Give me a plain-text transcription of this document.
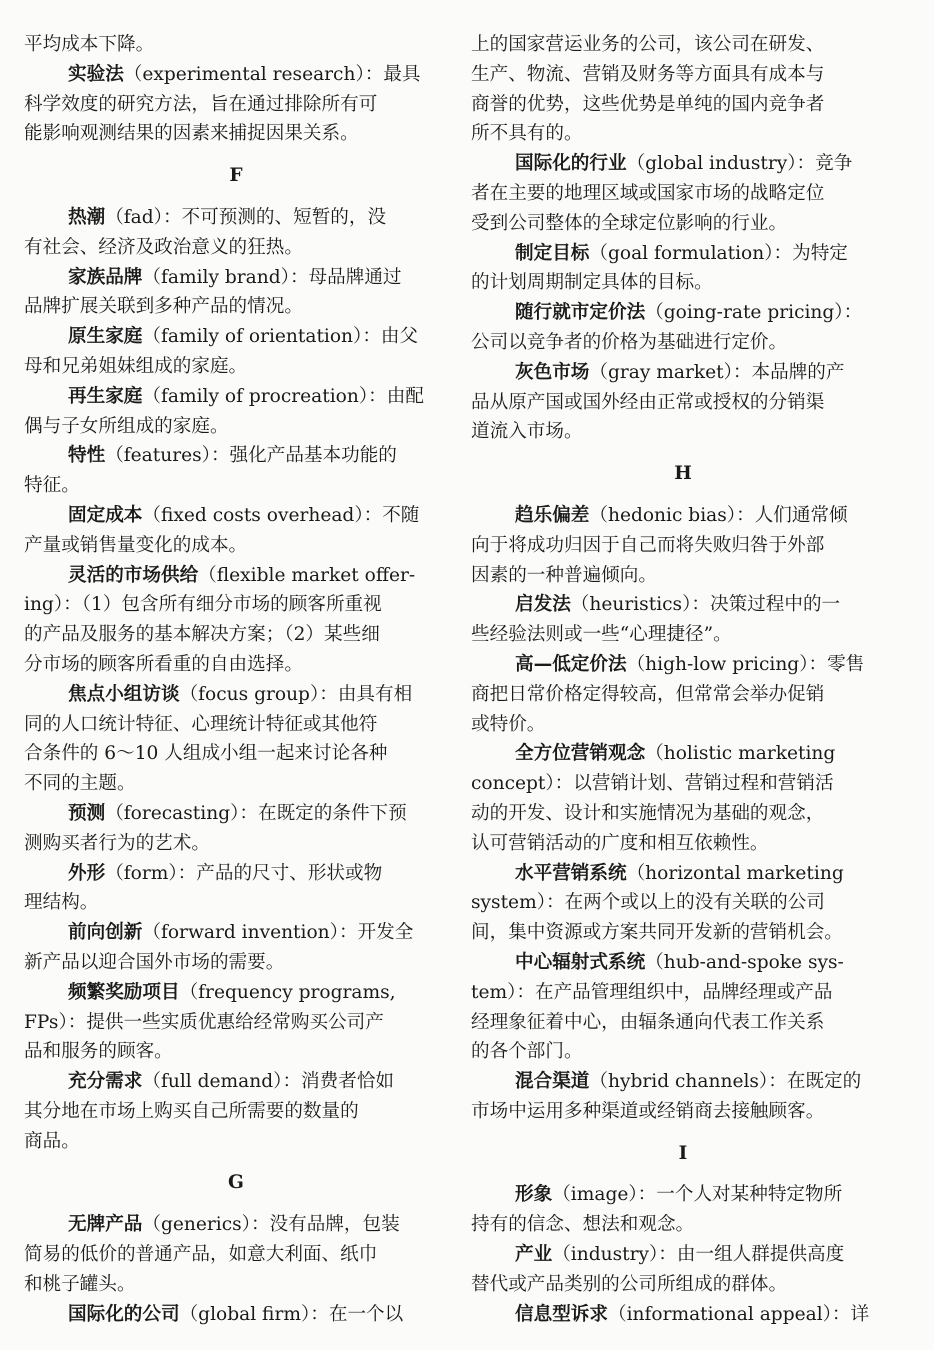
平均成本下降。
实验法（experimental research）：最具
科学效度的研究方法，旨在通过排除所有可
能影响观测结果的因素来捕捉因果关系。
F
热潮（fad）：不可预测的、短暂的，没
有社会、经济及政治意义的狂热。
家族品牌（family brand）：母品牌通过
品牌扩展关联到多种产品的情况。
原生家庭（family of orientation）：由父
母和兄弟姐妹组成的家庭。
再生家庭（family of procreation）：由配
偶与子女所组成的家庭。
特性（features）：强化产品基本功能的
特征。
固定成本（fixed costs overhead）：不随
产量或销售量变化的成本。
灵活的市场供给（flexible market offer-
ing）：（1）包含所有细分市场的顾客所重视
的产品及服务的基本解决方案；（2）某些细
分市场的顾客所看重的自由选择。
焦点小组访谈（focus group）：由具有相
同的人口统计特征、心理统计特征或其他符
合条件的 6～10 人组成小组一起来讨论各种
不同的主题。
预测（forecasting）：在既定的条件下预
测购买者行为的艺术。
外形（form）：产品的尺寸、形状或物
理结构。
前向创新（forward invention）：开发全
新产品以迎合国外市场的需要。
频繁奖励项目（frequency programs,
FPs）：提供一些实质优惠给经常购买公司产
品和服务的顾客。
充分需求（full demand）：消费者恰如
其分地在市场上购买自己所需要的数量的
商品。
G
无牌产品（generics）：没有品牌，包装
简易的低价的普通产品，如意大利面、纸巾
和桃子罐头。
国际化的公司（global firm）：在一个以
上的国家营运业务的公司，该公司在研发、
生产、物流、营销及财务等方面具有成本与
商誉的优势，这些优势是单纯的国内竞争者
所不具有的。
国际化的行业（global industry）：竞争
者在主要的地理区域或国家市场的战略定位
受到公司整体的全球定位影响的行业。
制定目标（goal formulation）：为特定
的计划周期制定具体的目标。
随行就市定价法（going-rate pricing）：
公司以竞争者的价格为基础进行定价。
灰色市场（gray market）：本品牌的产
品从原产国或国外经由正常或授权的分销渠
道流入市场。
H
趋乐偏差（hedonic bias）：人们通常倾
向于将成功归因于自己而将失败归咎于外部
因素的一种普遍倾向。
启发法（heuristics）：决策过程中的一
些经验法则或一些“心理捷径”。
高—低定价法（high-low pricing）：零售
商把日常价格定得较高，但常常会举办促销
或特价。
全方位营销观念（holistic marketing
concept）：以营销计划、营销过程和营销活
动的开发、设计和实施情况为基础的观念，
认可营销活动的广度和相互依赖性。
水平营销系统（horizontal marketing
system）：在两个或以上的没有关联的公司
间，集中资源或方案共同开发新的营销机会。
中心辐射式系统（hub-and-spoke sys-
tem）：在产品管理组织中，品牌经理或产品
经理象征着中心，由辐条通向代表工作关系
的各个部门。
混合渠道（hybrid channels）：在既定的
市场中运用多种渠道或经销商去接触顾客。
I
形象（image）：一个人对某种特定物所
持有的信念、想法和观念。
产业（industry）：由一组人群提供高度
替代或产品类别的公司所组成的群体。
信息型诉求（informational appeal）：详
